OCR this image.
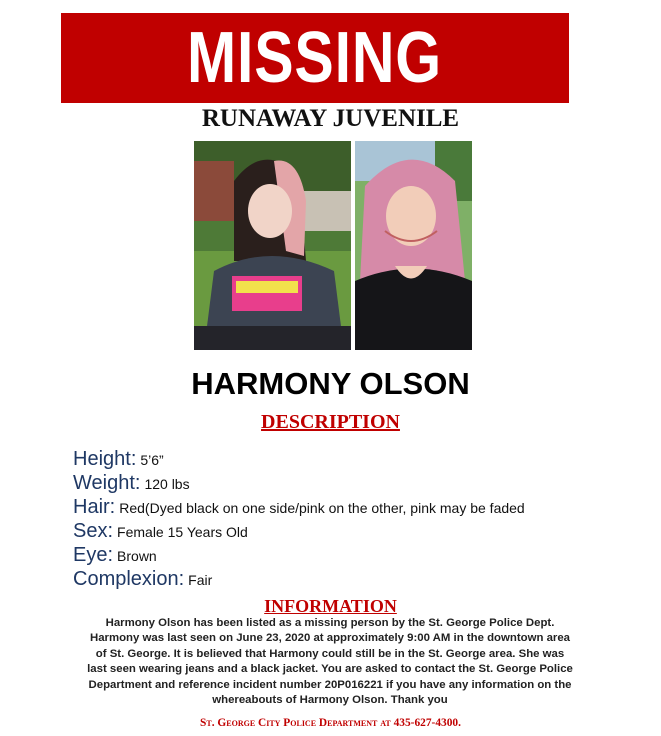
MISSING
RUNAWAY JUVENILE
HARMONY OLSON
DESCRIPTION
Height: 5’6”
Weight: 120 lbs
Hair: Red(Dyed black on one side/pink on the other, pink may be faded
Sex: Female 15 Years Old
Eye: Brown
Complexion: Fair
INFORMATION
Harmony Olson has been listed as a missing person by the St. George Police Dept.
Harmony was last seen on June 23, 2020 at approximately 9:00 AM in the downtown area
of St. George. It is believed that Harmony could still be in the St. George area. She was
last seen wearing jeans and a black jacket. You are asked to contact the St. George Police
Department and reference incident number 20P016221 if you have any information on the
whereabouts of Harmony Olson. Thank you
St. George City Police Department at 435-627-4300.
